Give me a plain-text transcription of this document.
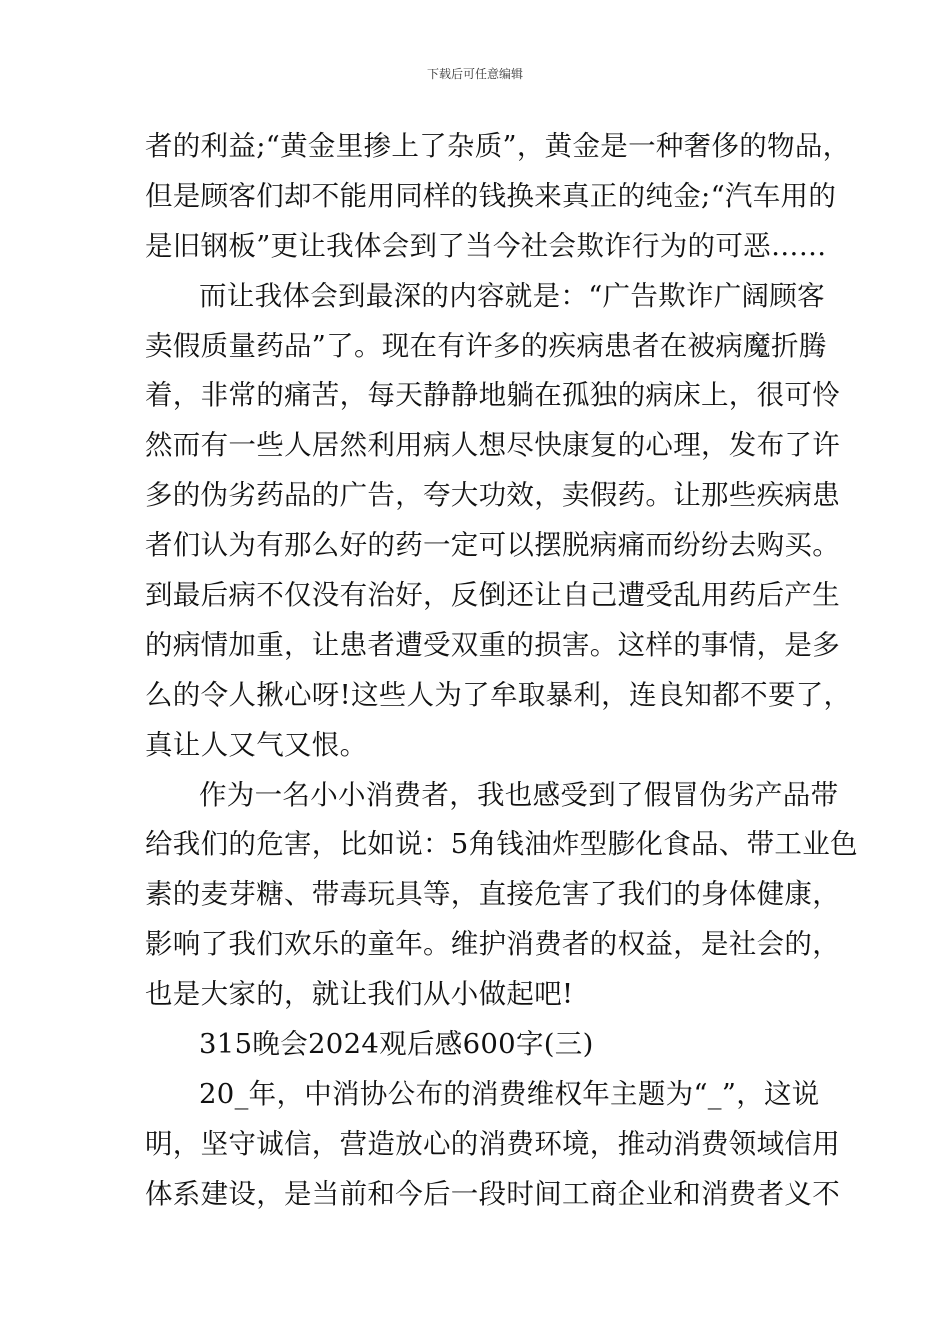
下载后可任意编辑
者的利益;“黄金里掺上了杂质”，黄金是一种奢侈的物品，
但是顾客们却不能用同样的钱换来真正的纯金;“汽车用的
是旧钢板”更让我体会到了当今社会欺诈行为的可恶……
而让我体会到最深的内容就是：“广告欺诈广阔顾客
卖假质量药品”了。现在有许多的疾病患者在被病魔折腾
着，非常的痛苦，每天静静地躺在孤独的病床上，很可怜
然而有一些人居然利用病人想尽快康复的心理，发布了许
多的伪劣药品的广告，夸大功效，卖假药。让那些疾病患
者们认为有那么好的药一定可以摆脱病痛而纷纷去购买。
到最后病不仅没有治好，反倒还让自己遭受乱用药后产生
的病情加重，让患者遭受双重的损害。这样的事情，是多
么的令人揪心呀!这些人为了牟取暴利，连良知都不要了，
真让人又气又恨。
作为一名小小消费者，我也感受到了假冒伪劣产品带
给我们的危害，比如说：5角钱油炸型膨化食品、带工业色
素的麦芽糖、带毒玩具等，直接危害了我们的身体健康，
影响了我们欢乐的童年。维护消费者的权益，是社会的，
也是大家的，就让我们从小做起吧!
315晚会2024观后感600字(三)
20_年，中消协公布的消费维权年主题为“_”，这说
明，坚守诚信，营造放心的消费环境，推动消费领域信用
体系建设，是当前和今后一段时间工商企业和消费者义不
